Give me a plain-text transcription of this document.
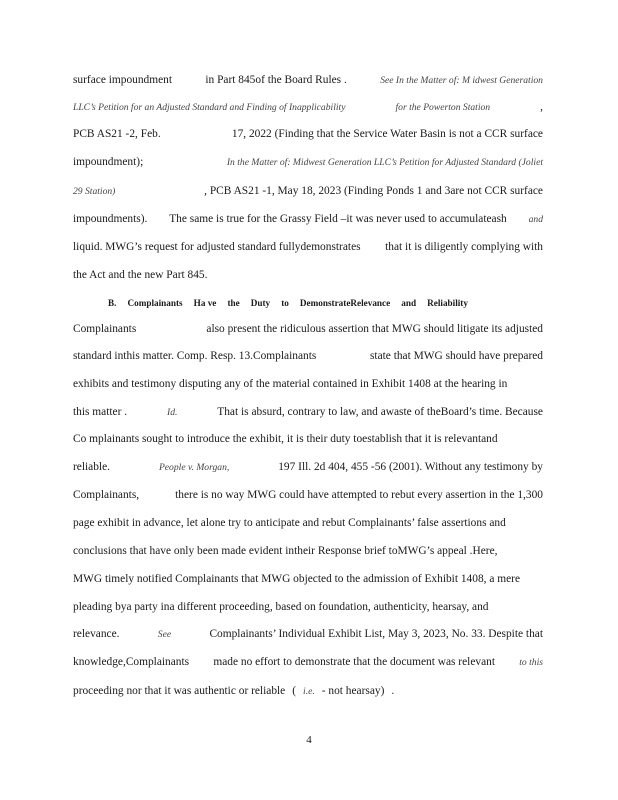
surface impoundment	in Part 845of the Board Rules .	See In the Matter of: M idwest Generation
LLC’s Petition for an Adjusted Standard and Finding of Inapplicability	for the Powerton Station	,
PCB AS21 -2, Feb.	17, 2022 (Finding that the Service Water Basin is not a CCR surface
impoundment);	In the Matter of: Midwest Generation LLC’s Petition for Adjusted Standard (Joliet
29 Station)	, PCB AS21 -1, May 18, 2023 (Finding Ponds 1 and 3are not CCR surface
impoundments). The same is true for the Grassy Field –it was never used to accumulateash and
liquid. MWG’s request for adjusted standard fullydemonstrates that it is diligently complying with
the Act and the new Part 845.
B. Complainants Ha ve the Duty to DemonstrateRelevance and Reliability
Complainants	also present the ridiculous assertion that MWG should litigate its adjusted
standard inthis matter. Comp. Resp. 13.Complainants	state that MWG should have prepared
exhibits and testimony disputing any of the material contained in Exhibit 1408 at the hearing in
this matter .	Id.	That is absurd, contrary to law, and awaste of theBoard’s time. Because
Co mplainants sought to introduce the exhibit, it is their duty toestablish that it is relevantand
reliable.	People v. Morgan,	197 Ill. 2d 404, 455 -56 (2001). Without any testimony by
Complainants,	there is no way MWG could have attempted to rebut every assertion in the 1,300
page exhibit in advance, let alone try to anticipate and rebut Complainants’ false assertions and
conclusions that have only been made evident intheir Response brief toMWG’s appeal .Here,
MWG timely notified Complainants that MWG objected to the admission of Exhibit 1408, a mere
pleading bya party ina different proceeding, based on foundation, authenticity, hearsay, and
relevance.	See	Complainants’ Individual Exhibit List, May 3, 2023, No. 33. Despite that
knowledge,Complainants made no effort to demonstrate that the document was relevant	to this
proceeding nor that it was authentic or reliable ( i.e. - not hearsay) .
4
